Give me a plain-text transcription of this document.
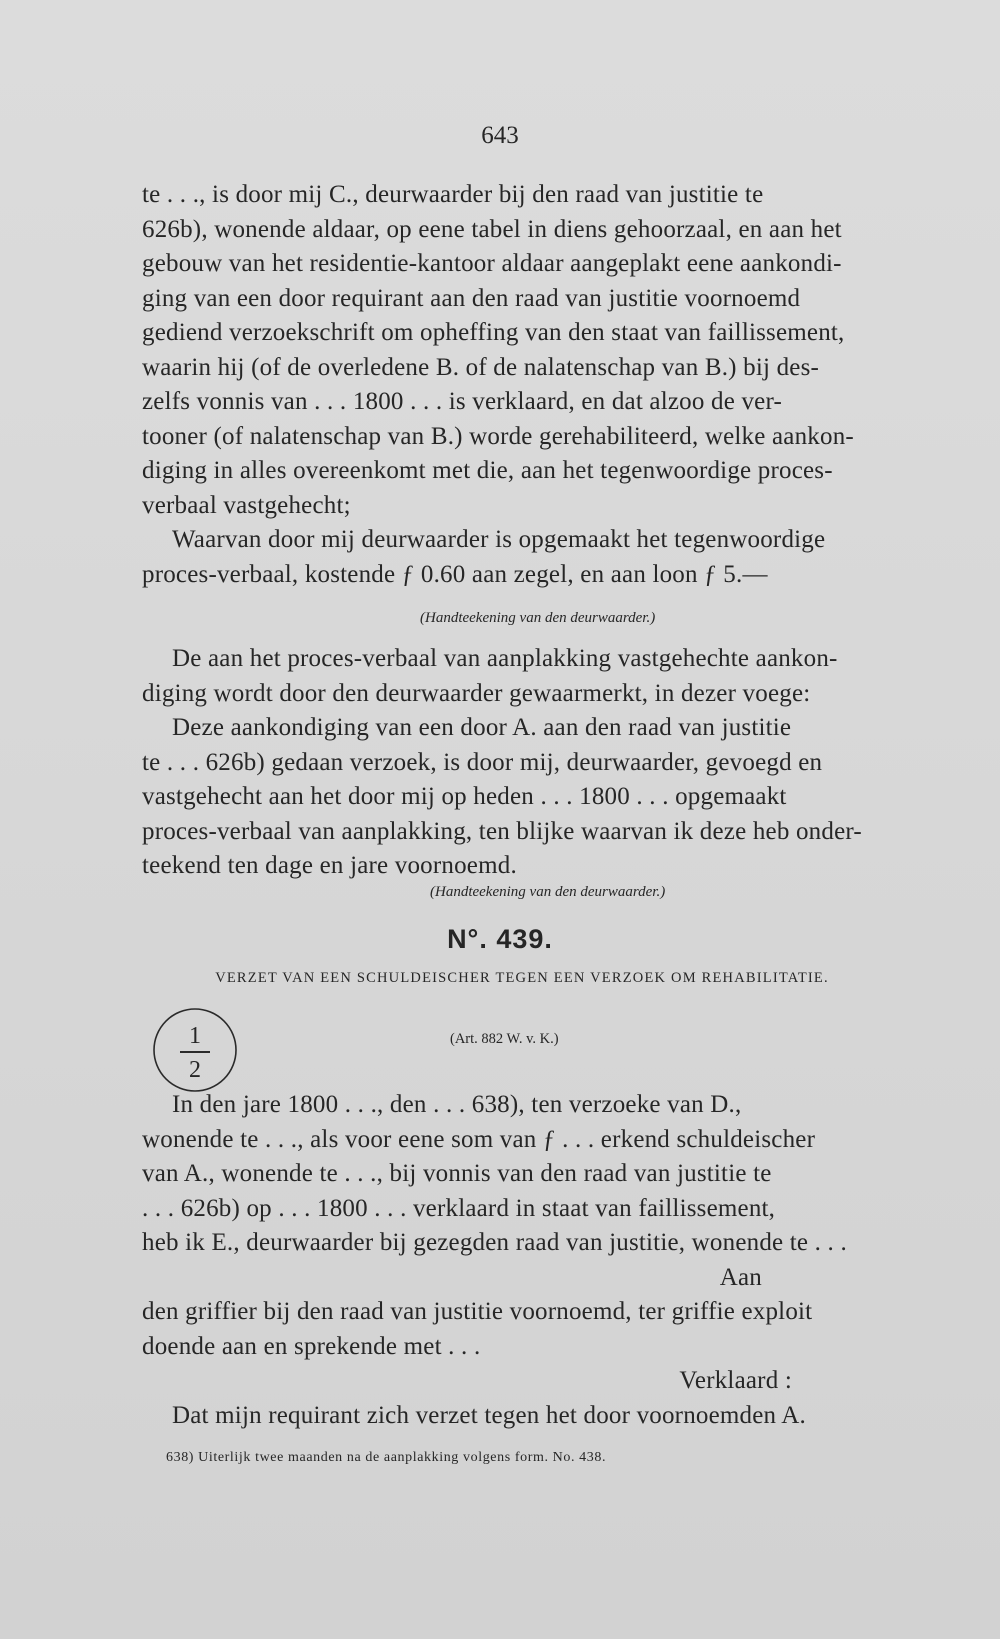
643
te . . ., is door mij C., deurwaarder bij den raad van justitie te
626b), wonende aldaar, op eene tabel in diens gehoorzaal, en aan het
gebouw van het residentie-kantoor aldaar aangeplakt eene aankondi-
ging van een door requirant aan den raad van justitie voornoemd
gediend verzoekschrift om opheffing van den staat van faillissement,
waarin hij (of de overledene B. of de nalatenschap van B.) bij des-
zelfs vonnis van . . . 1800 . . . is verklaard, en dat alzoo de ver-
tooner (of nalatenschap van B.) worde gerehabiliteerd, welke aankon-
diging in alles overeenkomt met die, aan het tegenwoordige proces-
verbaal vastgehecht;
Waarvan door mij deurwaarder is opgemaakt het tegenwoordige
proces-verbaal, kostende ƒ 0.60 aan zegel, en aan loon ƒ 5.—
(Handteekening van den deurwaarder.)
De aan het proces-verbaal van aanplakking vastgehechte aankon-
diging wordt door den deurwaarder gewaarmerkt, in dezer voege:
Deze aankondiging van een door A. aan den raad van justitie
te . . . 626b) gedaan verzoek, is door mij, deurwaarder, gevoegd en
vastgehecht aan het door mij op heden . . . 1800 . . . opgemaakt
proces-verbaal van aanplakking, ten blijke waarvan ik deze heb onder-
teekend ten dage en jare voornoemd.
(Handteekening van den deurwaarder.)
N°. 439.
VERZET VAN EEN SCHULDEISCHER TEGEN EEN VERZOEK OM REHABILITATIE.
1
2
(Art. 882 W. v. K.)
In den jare 1800 . . ., den . . . 638), ten verzoeke van D.,
wonende te . . ., als voor eene som van ƒ . . . erkend schuldeischer
van A., wonende te . . ., bij vonnis van den raad van justitie te
. . . 626b) op . . . 1800 . . . verklaard in staat van faillissement,
heb ik E., deurwaarder bij gezegden raad van justitie, wonende te . . .
Aan
den griffier bij den raad van justitie voornoemd, ter griffie exploit
doende aan en sprekende met . . .
Verklaard :
Dat mijn requirant zich verzet tegen het door voornoemden A.
638) Uiterlijk twee maanden na de aanplakking volgens form. No. 438.
